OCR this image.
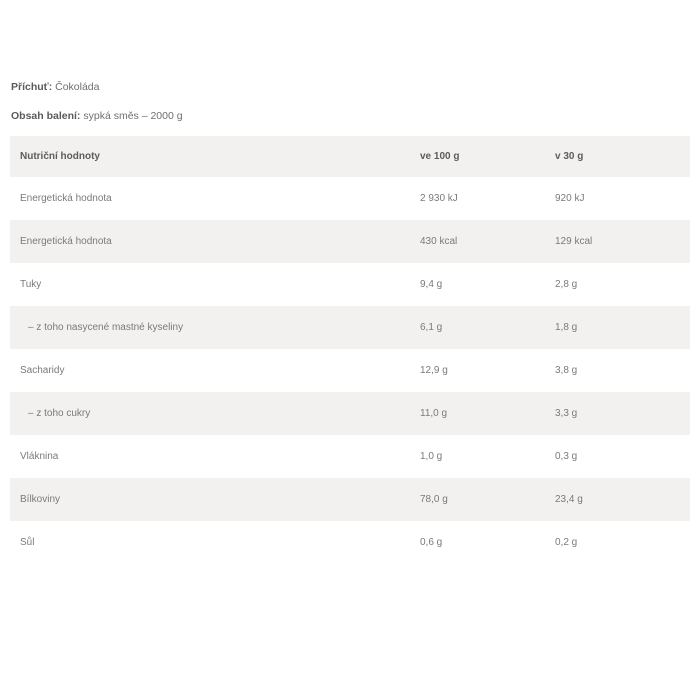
Příchuť: Čokoláda
Obsah balení: sypká směs – 2000 g
Nutriční hodnoty	ve 100 g	v 30 g
Energetická hodnota	2 930 kJ	920 kJ
Energetická hodnota	430 kcal	129 kcal
Tuky	9,4 g	2,8 g
– z toho nasycené mastné kyseliny	6,1 g	1,8 g
Sacharidy	12,9 g	3,8 g
– z toho cukry	11,0 g	3,3 g
Vláknina	1,0 g	0,3 g
Bílkoviny	78,0 g	23,4 g
Sůl	0,6 g	0,2 g
